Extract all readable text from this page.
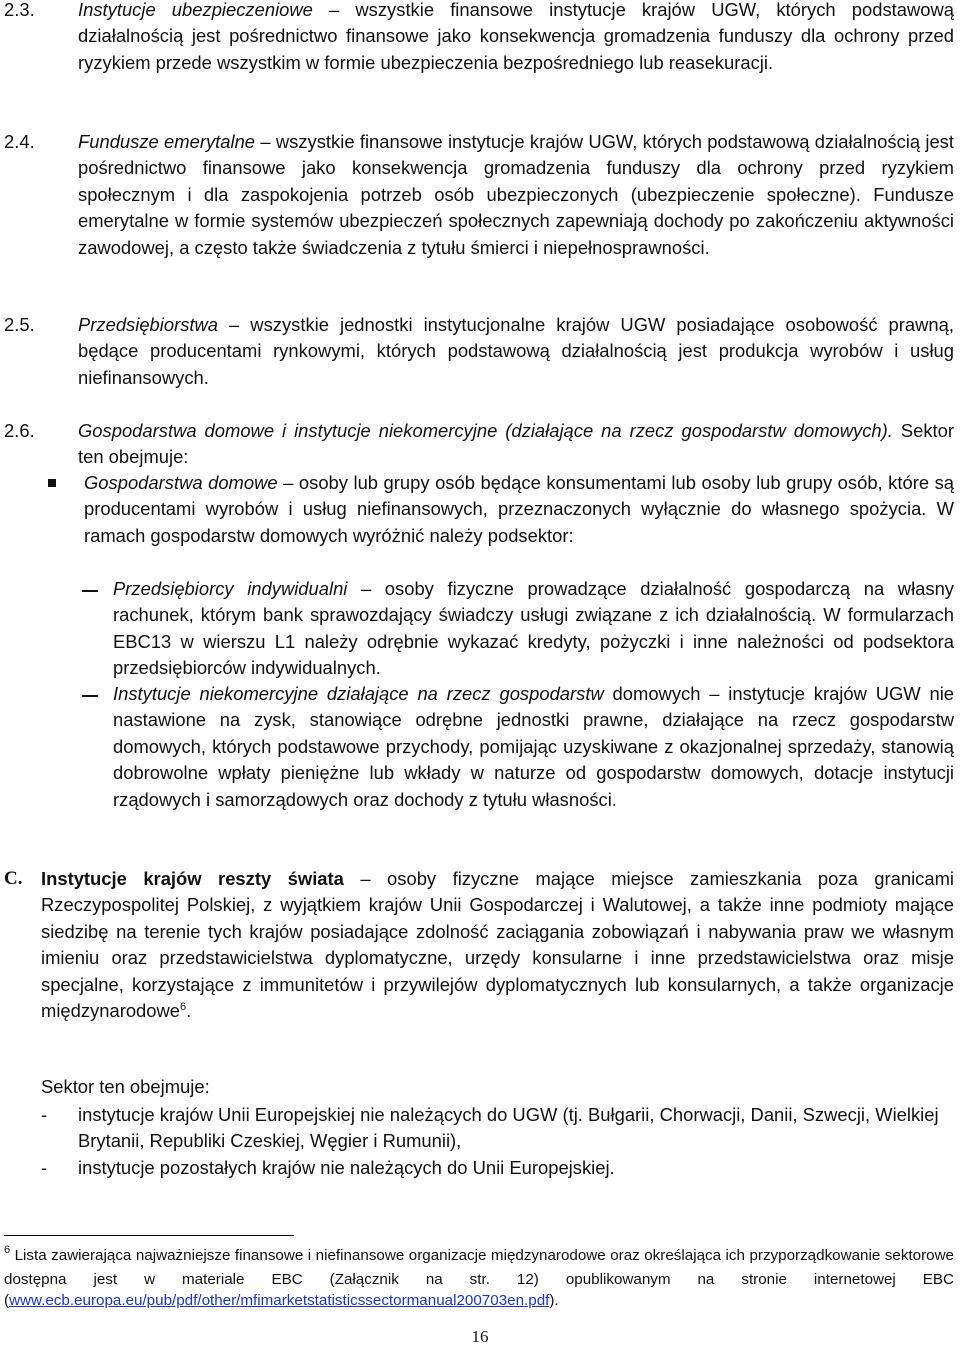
2.3. Instytucje ubezpieczeniowe – wszystkie finansowe instytucje krajów UGW, których podstawową działalnością jest pośrednictwo finansowe jako konsekwencja gromadzenia funduszy dla ochrony przed ryzykiem przede wszystkim w formie ubezpieczenia bezpośredniego lub reasekuracji.
2.4. Fundusze emerytalne – wszystkie finansowe instytucje krajów UGW, których podstawową działalnością jest pośrednictwo finansowe jako konsekwencja gromadzenia funduszy dla ochrony przed ryzykiem społecznym i dla zaspokojenia potrzeb osób ubezpieczonych (ubezpieczenie społeczne). Fundusze emerytalne w formie systemów ubezpieczeń społecznych zapewniają dochody po zakończeniu aktywności zawodowej, a często także świadczenia z tytułu śmierci i niepełnosprawności.
2.5. Przedsiębiorstwa – wszystkie jednostki instytucjonalne krajów UGW posiadające osobowość prawną, będące producentami rynkowymi, których podstawową działalnością jest produkcja wyrobów i usług niefinansowych.
2.6. Gospodarstwa domowe i instytucje niekomercyjne (działające na rzecz gospodarstw domowych). Sektor ten obejmuje:
Gospodarstwa domowe – osoby lub grupy osób będące konsumentami lub osoby lub grupy osób, które są producentami wyrobów i usług niefinansowych, przeznaczonych wyłącznie do własnego spożycia. W ramach gospodarstw domowych wyróżnić należy podsektor:
Przedsiębiorcy indywidualni – osoby fizyczne prowadzące działalność gospodarczą na własny rachunek, którym bank sprawozdający świadczy usługi związane z ich działalnością. W formularzach EBC13 w wierszu L1 należy odrębnie wykazać kredyty, pożyczki i inne należności od podsektora przedsiębiorców indywidualnych.
Instytucje niekomercyjne działające na rzecz gospodarstw domowych – instytucje krajów UGW nie nastawione na zysk, stanowiące odrębne jednostki prawne, działające na rzecz gospodarstw domowych, których podstawowe przychody, pomijając uzyskiwane z okazjonalnej sprzedaży, stanowią dobrowolne wpłaty pieniężne lub wkłady w naturze od gospodarstw domowych, dotacje instytucji rządowych i samorządowych oraz dochody z tytułu własności.
C. Instytucje krajów reszty świata – osoby fizyczne mające miejsce zamieszkania poza granicami Rzeczypospolitej Polskiej, z wyjątkiem krajów Unii Gospodarczej i Walutowej, a także inne podmioty mające siedzibę na terenie tych krajów posiadające zdolność zaciągania zobowiązań i nabywania praw we własnym imieniu oraz przedstawicielstwa dyplomatyczne, urzędy konsularne i inne przedstawicielstwa oraz misje specjalne, korzystające z immunitetów i przywilejów dyplomatycznych lub konsularnych, a także organizacje międzynarodowe$^6$.
Sektor ten obejmuje:
- instytucje krajów Unii Europejskiej nie należących do UGW (tj. Bułgarii, Chorwacji, Danii, Szwecji, Wielkiej Brytanii, Republiki Czeskiej, Węgier i Rumunii),
- instytucje pozostałych krajów nie należących do Unii Europejskiej.
$^6$ Lista zawierająca najważniejsze finansowe i niefinansowe organizacje międzynarodowe oraz określająca ich przyporządkowanie sektorowe dostępna jest w materiale EBC (Załącznik na str. 12) opublikowanym na stronie internetowej EBC (www.ecb.europa.eu/pub/pdf/other/mfimarketstatisticssectormanual200703en.pdf).
16
